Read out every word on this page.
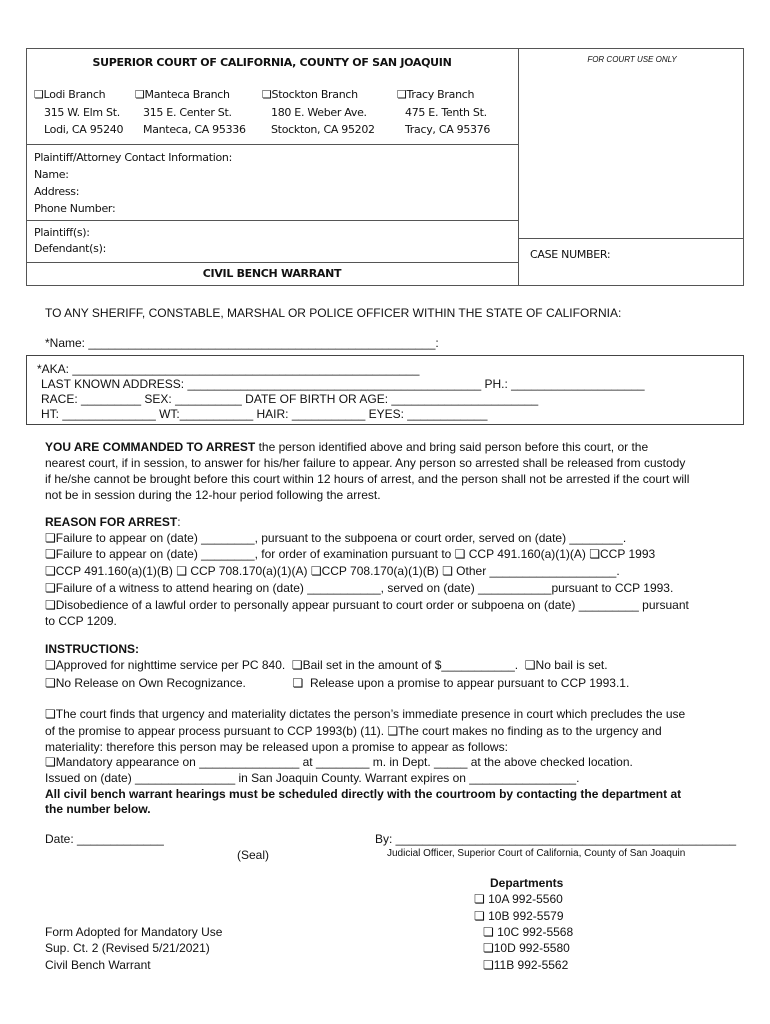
SUPERIOR COURT OF CALIFORNIA, COUNTY OF SAN JOAQUIN	FOR COURT USE ONLY
❏Lodi Branch
315 W. Elm St.
Lodi, CA 95240
❏Manteca Branch
315 E. Center St.
Manteca, CA 95336
❏Stockton Branch
180 E. Weber Ave.
Stockton, CA 95202
❏Tracy Branch
475 E. Tenth St.
Tracy, CA 95376
Plaintiff/Attorney Contact Information:
Name:
Address:
Phone Number:
Plaintiff(s):
Defendant(s):	CASE NUMBER:
CIVIL BENCH WARRANT
TO ANY SHERIFF, CONSTABLE, MARSHAL OR POLICE OFFICER WITHIN THE STATE OF CALIFORNIA:
*Name: ____________________________________________________:
*AKA: ____________________________________________________
LAST KNOWN ADDRESS: ____________________________________________ PH.: ____________________
RACE: _________ SEX: __________ DATE OF BIRTH OR AGE: ______________________
HT: ______________ WT:___________ HAIR: ___________ EYES: ____________
YOU ARE COMMANDED TO ARREST the person identified above and bring said person before this court, or the
nearest court, if in session, to answer for his/her failure to appear. Any person so arrested shall be released from custody
if he/she cannot be brought before this court within 12 hours of arrest, and the person shall not be arrested if the court will
not be in session during the 12-hour period following the arrest.
REASON FOR ARREST:
❏Failure to appear on (date) ________, pursuant to the subpoena or court order, served on (date) ________.
❏Failure to appear on (date) ________, for order of examination pursuant to ❏ CCP 491.160(a)(1)(A) ❏CCP 1993
❏CCP 491.160(a)(1)(B) ❏ CCP 708.170(a)(1)(A) ❏CCP 708.170(a)(1)(B) ❏ Other ___________________.
❏Failure of a witness to attend hearing on (date) ___________, served on (date) ___________pursuant to CCP 1993.
❏Disobedience of a lawful order to personally appear pursuant to court order or subpoena on (date) _________ pursuant
to CCP 1209.
INSTRUCTIONS:
❏Approved for nighttime service per PC 840.  ❏Bail set in the amount of $___________.  ❏No bail is set.
❏No Release on Own Recognizance.              ❏  Release upon a promise to appear pursuant to CCP 1993.1.
❏The court finds that urgency and materiality dictates the person’s immediate presence in court which precludes the use
of the promise to appear process pursuant to CCP 1993(b) (11). ❏The court makes no finding as to the urgency and
materiality: therefore this person may be released upon a promise to appear as follows:
❏Mandatory appearance on _______________ at ________ m. in Dept. _____ at the above checked location.
Issued on (date) _______________ in San Joaquin County. Warrant expires on ________________.
All civil bench warrant hearings must be scheduled directly with the courtroom by contacting the department at
the number below.
Date: _____________
(Seal)
By: ___________________________________________________
Judicial Officer, Superior Court of California, County of San Joaquin
Departments
❏ 10A 992-5560
❏ 10B 992-5579
❏ 10C 992-5568
❏10D 992-5580
❏11B 992-5562
Form Adopted for Mandatory Use
Sup. Ct. 2 (Revised 5/21/2021)
Civil Bench Warrant
